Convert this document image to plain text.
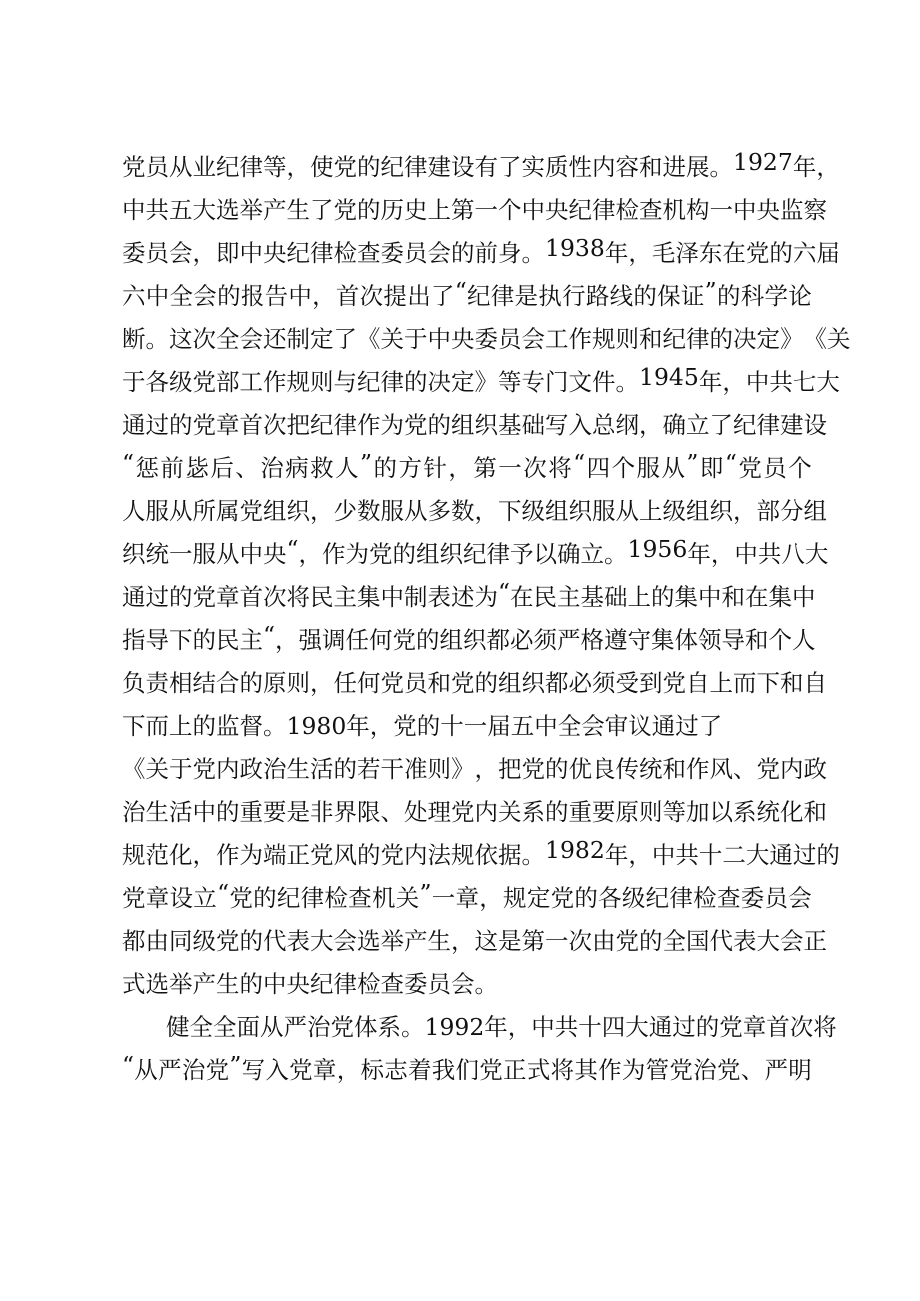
党 员 从 业 纪 律 等 ， 使 党 的 纪 律 建 设 有 了 实 质 性 内 容 和 进 展 。 1927 年 ，
中 共 五 大 选 举 产 生 了 党 的 历 史 上 第 一 个 中 央 纪 律 检 查 机 构 一 中 央 监 察
委 员 会 ， 即 中 央 纪 律 检 查 委 员 会 的 前 身 。 1938 年 ， 毛 泽 东 在 党 的 六 届
六 中 全 会 的 报 告 中 ， 首 次 提 出 了 “ 纪 律 是 执 行 路 线 的 保 证 ” 的 科 学 论
断 。 这 次 全 会 还 制 定 了 《 关 于 中 央 委 员 会 工 作 规 则 和 纪 律 的 决 定 》 《 关
于 各 级 党 部 工 作 规 则 与 纪 律 的 决 定 》 等 专 门 文 件 。 1945 年 ， 中 共 七 大
通 过 的 党 章 首 次 把 纪 律 作 为 党 的 组 织 基 础 写 入 总 纲 ， 确 立 了 纪 律 建 设
“ 惩 前 毖 后 、 治 病 救 人 ” 的 方 针 ， 第 一 次 将 “ 四 个 服 从 ” 即 “ 党 员 个
人 服 从 所 属 党 组 织 ， 少 数 服 从 多 数 ， 下 级 组 织 服 从 上 级 组 织 ， 部 分 组
织 统 一 服 从 中 央 “ ， 作 为 党 的 组 织 纪 律 予 以 确 立 。 1956 年 ， 中 共 八 大
通 过 的 党 章 首 次 将 民 主 集 中 制 表 述 为 “ 在 民 主 基 础 上 的 集 中 和 在 集 中
指 导 下 的 民 主 “ ， 强 调 任 何 党 的 组 织 都 必 须 严 格 遵 守 集 体 领 导 和 个 人
负 责 相 结 合 的 原 则 ， 任 何 党 员 和 党 的 组 织 都 必 须 受 到 党 自 上 而 下 和 自
下而上的监督。1980年，党的十一届五中全会审议通过了
《 关 于 党 内 政 治 生 活 的 若 干 准 则 》 ， 把 党 的 优 良 传 统 和 作 风 、 党 内 政
治 生 活 中 的 重 要 是 非 界 限 、 处 理 党 内 关 系 的 重 要 原 则 等 加 以 系 统 化 和
规 范 化 ， 作 为 端 正 党 风 的 党 内 法 规 依 据 。 1982 年 ， 中 共 十 二 大 通 过 的
党 章 设 立 “ 党 的 纪 律 检 查 机 关 ” 一 章 ， 规 定 党 的 各 级 纪 律 检 查 委 员 会
都 由 同 级 党 的 代 表 大 会 选 举 产 生 ， 这 是 第 一 次 由 党 的 全 国 代 表 大 会 正
式选举产生的中央纪律检查委员会。
健全全面从严治党体系。1992年，中共十四大通过的党章首次将
“ 从 严 治 党 ” 写 入 党 章 ， 标 志 着 我 们 党 正 式 将 其 作 为 管 党 治 党 、 严 明
